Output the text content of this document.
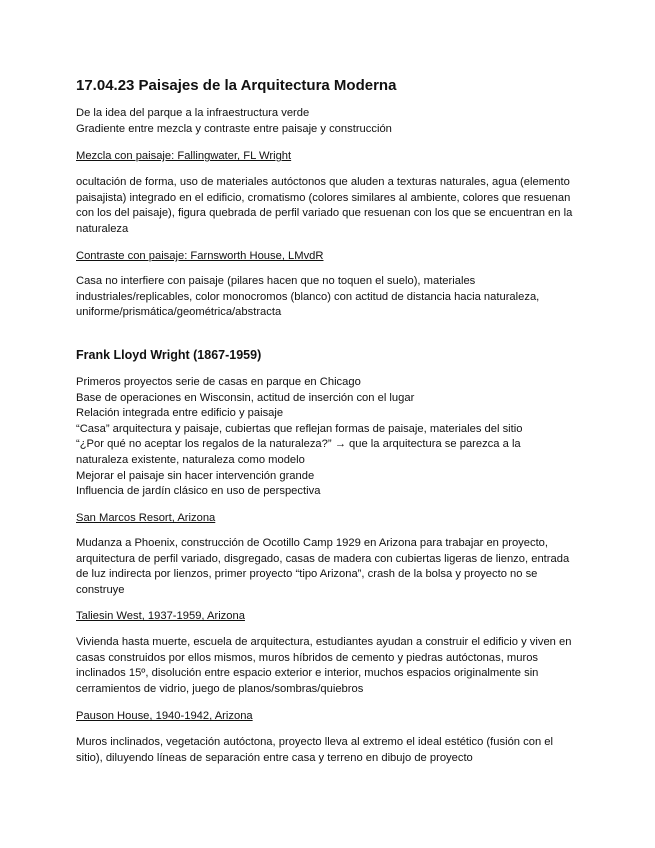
17.04.23 Paisajes de la Arquitectura Moderna
De la idea del parque a la infraestructura verde
Gradiente entre mezcla y contraste entre paisaje y construcción
Mezcla con paisaje: Fallingwater, FL Wright
ocultación de forma, uso de materiales autóctonos que aluden a texturas naturales, agua (elemento paisajista) integrado en el edificio, cromatismo (colores similares al ambiente, colores que resuenan con los del paisaje), figura quebrada de perfil variado que resuenan con los que se encuentran en la naturaleza
Contraste con paisaje: Farnsworth House, LMvdR
Casa no interfiere con paisaje (pilares hacen que no toquen el suelo), materiales industriales/replicables, color monocromos (blanco) con actitud de distancia hacia naturaleza, uniforme/prismática/geométrica/abstracta
Frank Lloyd Wright (1867-1959)
Primeros proyectos serie de casas en parque en Chicago
Base de operaciones en Wisconsin, actitud de inserción con el lugar
Relación integrada entre edificio y paisaje
“Casa” arquitectura y paisaje, cubiertas que reflejan formas de paisaje, materiales del sitio
“¿Por qué no aceptar los regalos de la naturaleza?” → que la arquitectura se parezca a la
naturaleza existente, naturaleza como modelo
Mejorar el paisaje sin hacer intervención grande
Influencia de jardín clásico en uso de perspectiva
San Marcos Resort, Arizona
Mudanza a Phoenix, construcción de Ocotillo Camp 1929 en Arizona para trabajar en proyecto, arquitectura de perfil variado, disgregado, casas de madera con cubiertas ligeras de lienzo, entrada de luz indirecta por lienzos, primer proyecto “tipo Arizona”, crash de la bolsa y proyecto no se construye
Taliesin West, 1937-1959, Arizona
Vivienda hasta muerte, escuela de arquitectura, estudiantes ayudan a construir el edificio y viven en casas construidos por ellos mismos, muros híbridos de cemento y piedras autóctonas, muros inclinados 15º, disolución entre espacio exterior e interior, muchos espacios originalmente sin cerramientos de vidrio, juego de planos/sombras/quiebros
Pauson House, 1940-1942, Arizona
Muros inclinados, vegetación autóctona, proyecto lleva al extremo el ideal estético (fusión con el sitio), diluyendo líneas de separación entre casa y terreno en dibujo de proyecto
